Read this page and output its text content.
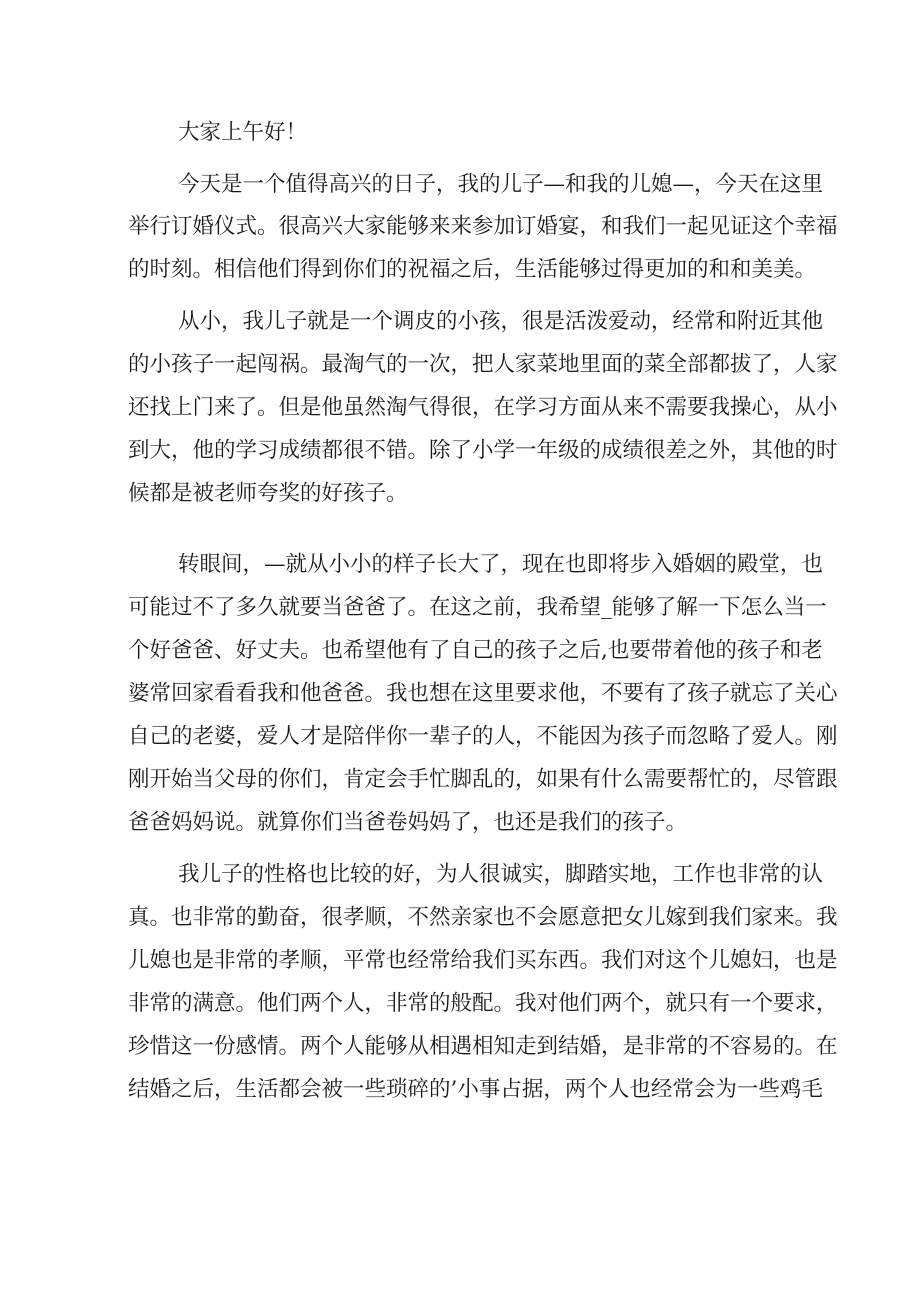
大家上午好！

今天是一个值得高兴的日子，我的儿子—和我的儿媳—，今天在这里

举行订婚仪式。很高兴大家能够来来参加订婚宴，和我们一起见证这个幸福

的时刻。相信他们得到你们的祝福之后，生活能够过得更加的和和美美。

从小，我儿子就是一个调皮的小孩，很是活泼爱动，经常和附近其他

的小孩子一起闯祸。最淘气的一次，把人家菜地里面的菜全部都拔了，人家

还找上门来了。但是他虽然淘气得很，在学习方面从来不需要我操心，从小

到大，他的学习成绩都很不错。除了小学一年级的成绩很差之外，其他的时

候都是被老师夸奖的好孩子。

转眼间，—就从小小的样子长大了，现在也即将步入婚姻的殿堂，也

可能过不了多久就要当爸爸了。在这之前，我希望_能够了解一下怎么当一

个好爸爸、好丈夫。也希望他有了自己的孩子之后,也要带着他的孩子和老

婆常回家看看我和他爸爸。我也想在这里要求他，不要有了孩子就忘了关心

自己的老婆，爱人才是陪伴你一辈子的人，不能因为孩子而忽略了爱人。刚

刚开始当父母的你们，肯定会手忙脚乱的，如果有什么需要帮忙的，尽管跟

爸爸妈妈说。就算你们当爸卷妈妈了，也还是我们的孩子。

我儿子的性格也比较的好，为人很诚实，脚踏实地，工作也非常的认

真。也非常的勤奋，很孝顺，不然亲家也不会愿意把女儿嫁到我们家来。我

儿媳也是非常的孝顺，平常也经常给我们买东西。我们对这个儿媳妇，也是

非常的满意。他们两个人，非常的般配。我对他们两个，就只有一个要求，

珍惜这一份感情。两个人能够从相遇相知走到结婚，是非常的不容易的。在

结婚之后，生活都会被一些琐碎的’小事占据，两个人也经常会为一些鸡毛
